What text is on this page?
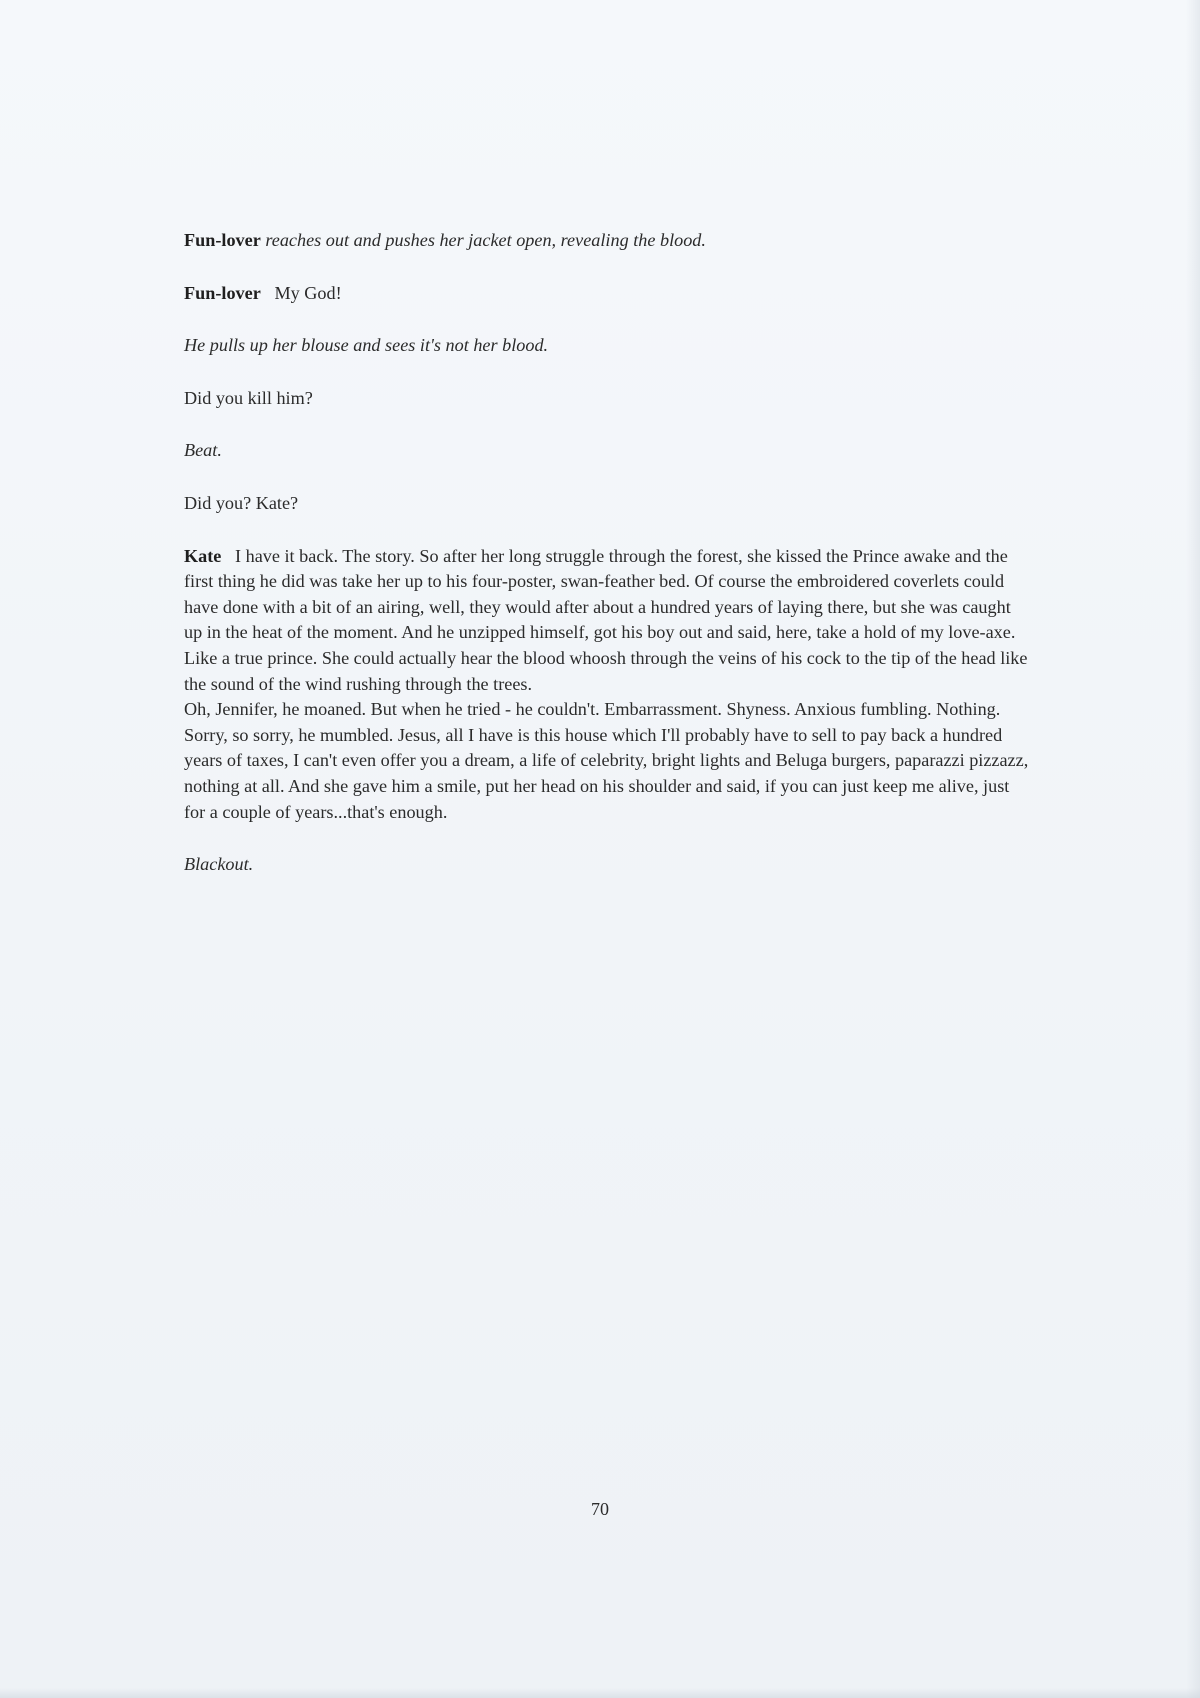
Fun-lover reaches out and pushes her jacket open, revealing the blood.

Fun-lover My God!

He pulls up her blouse and sees it's not her blood.

Did you kill him?

Beat.

Did you? Kate?

Kate I have it back. The story. So after her long struggle through the forest, she kissed the Prince awake and the first thing he did was take her up to his four-poster, swan-feather bed. Of course the embroidered coverlets could have done with a bit of an airing, well, they would after about a hundred years of laying there, but she was caught up in the heat of the moment. And he unzipped himself, got his boy out and said, here, take a hold of my love-axe. Like a true prince. She could actually hear the blood whoosh through the veins of his cock to the tip of the head like the sound of the wind rushing through the trees.

Oh, Jennifer, he moaned. But when he tried - he couldn't. Embarrassment. Shyness. Anxious fumbling. Nothing. Sorry, so sorry, he mumbled. Jesus, all I have is this house which I'll probably have to sell to pay back a hundred years of taxes, I can't even offer you a dream, a life of celebrity, bright lights and Beluga burgers, paparazzi pizzazz, nothing at all. And she gave him a smile, put her head on his shoulder and said, if you can just keep me alive, just for a couple of years...that's enough.

Blackout.

70
